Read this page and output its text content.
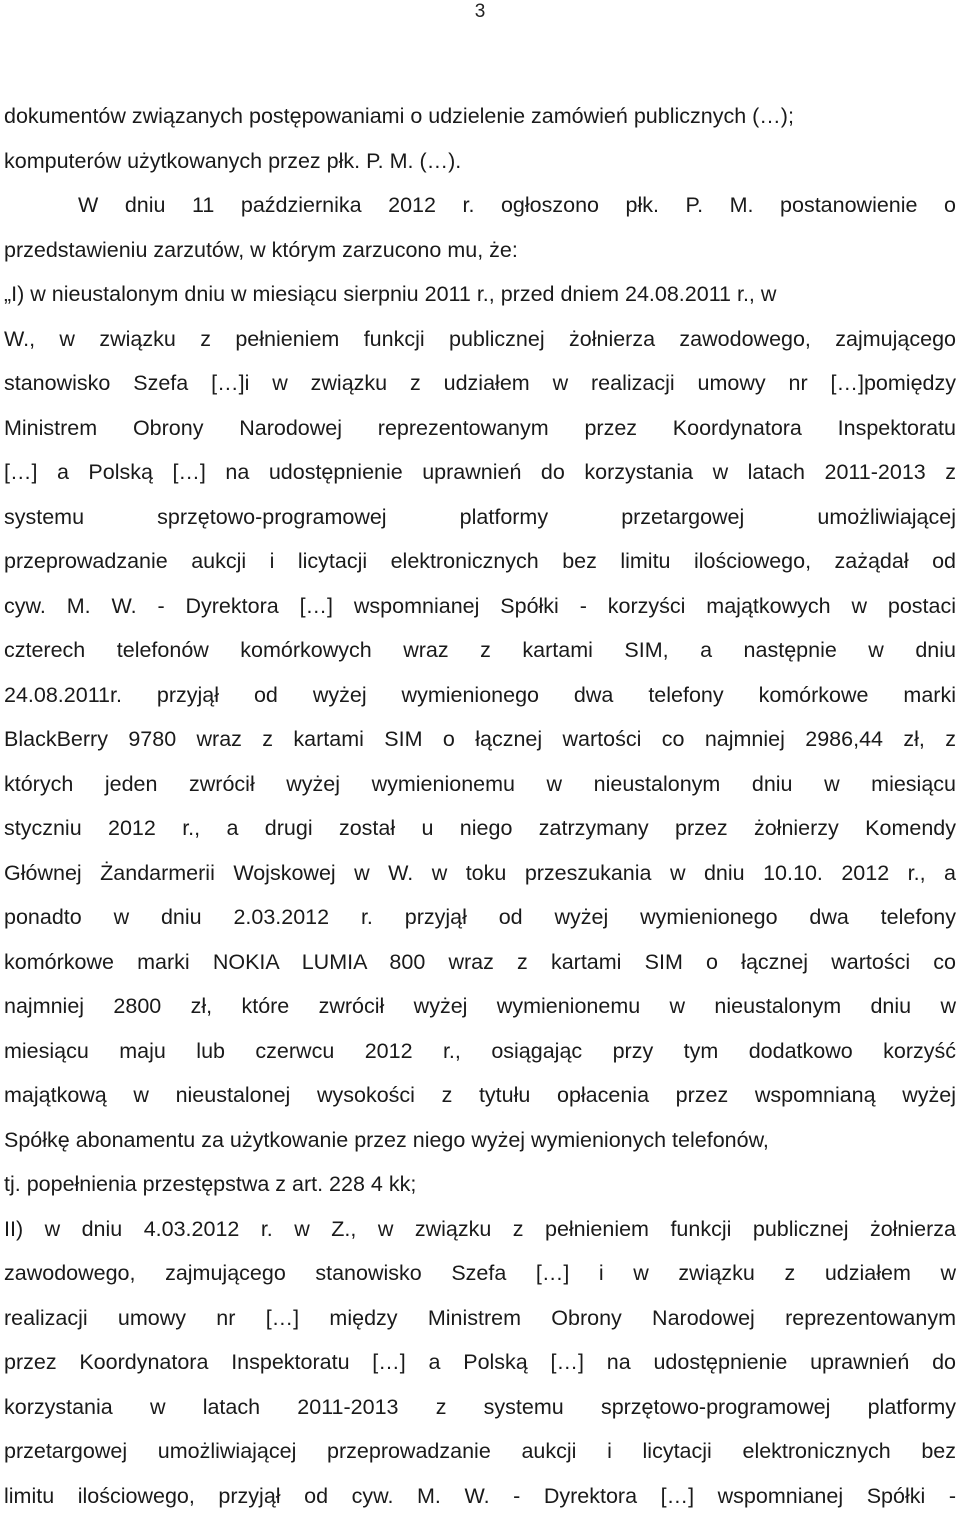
3
dokumentów związanych postępowaniami o udzielenie zamówień publicznych (…);
komputerów użytkowanych przez płk. P. M. (…).
W dniu 11 października 2012 r. ogłoszono płk. P. M. postanowienie o
przedstawieniu zarzutów, w którym zarzucono mu, że:
„I) w nieustalonym dniu w miesiącu sierpniu 2011 r., przed dniem 24.08.2011 r., w
W., w związku z pełnieniem funkcji publicznej żołnierza zawodowego, zajmującego
stanowisko Szefa […]i w związku z udziałem w realizacji umowy nr […]pomiędzy
Ministrem Obrony Narodowej reprezentowanym przez Koordynatora Inspektoratu
[…] a Polską […] na udostępnienie uprawnień do korzystania w latach 2011-2013 z
systemu sprzętowo-programowej platformy przetargowej umożliwiającej
przeprowadzanie aukcji i licytacji elektronicznych bez limitu ilościowego, zażądał od
cyw. M. W. - Dyrektora […] wspomnianej Spółki - korzyści majątkowych w postaci
czterech telefonów komórkowych wraz z kartami SIM, a następnie w dniu
24.08.2011r. przyjął od wyżej wymienionego dwa telefony komórkowe marki
BlackBerry 9780 wraz z kartami SIM o łącznej wartości co najmniej 2986,44 zł, z
których jeden zwrócił wyżej wymienionemu w nieustalonym dniu w miesiącu
styczniu 2012 r., a drugi został u niego zatrzymany przez żołnierzy Komendy
Głównej Żandarmerii Wojskowej w W. w toku przeszukania w dniu 10.10. 2012 r., a
ponadto w dniu 2.03.2012 r. przyjął od wyżej wymienionego dwa telefony
komórkowe marki NOKIA LUMIA 800 wraz z kartami SIM o łącznej wartości co
najmniej 2800 zł, które zwrócił wyżej wymienionemu w nieustalonym dniu w
miesiącu maju lub czerwcu 2012 r., osiągając przy tym dodatkowo korzyść
majątkową w nieustalonej wysokości z tytułu opłacenia przez wspomnianą wyżej
Spółkę abonamentu za użytkowanie przez niego wyżej wymienionych telefonów,
tj. popełnienia przestępstwa z art. 228 4 kk;
II) w dniu 4.03.2012 r. w Z., w związku z pełnieniem funkcji publicznej żołnierza
zawodowego, zajmującego stanowisko Szefa […] i w związku z udziałem w
realizacji umowy nr […] między Ministrem Obrony Narodowej reprezentowanym
przez Koordynatora Inspektoratu […] a Polską […] na udostępnienie uprawnień do
korzystania w latach 2011-2013 z systemu sprzętowo-programowej platformy
przetargowej umożliwiającej przeprowadzanie aukcji i licytacji elektronicznych bez
limitu ilościowego, przyjął od cyw. M. W. - Dyrektora […] wspomnianej Spółki -
